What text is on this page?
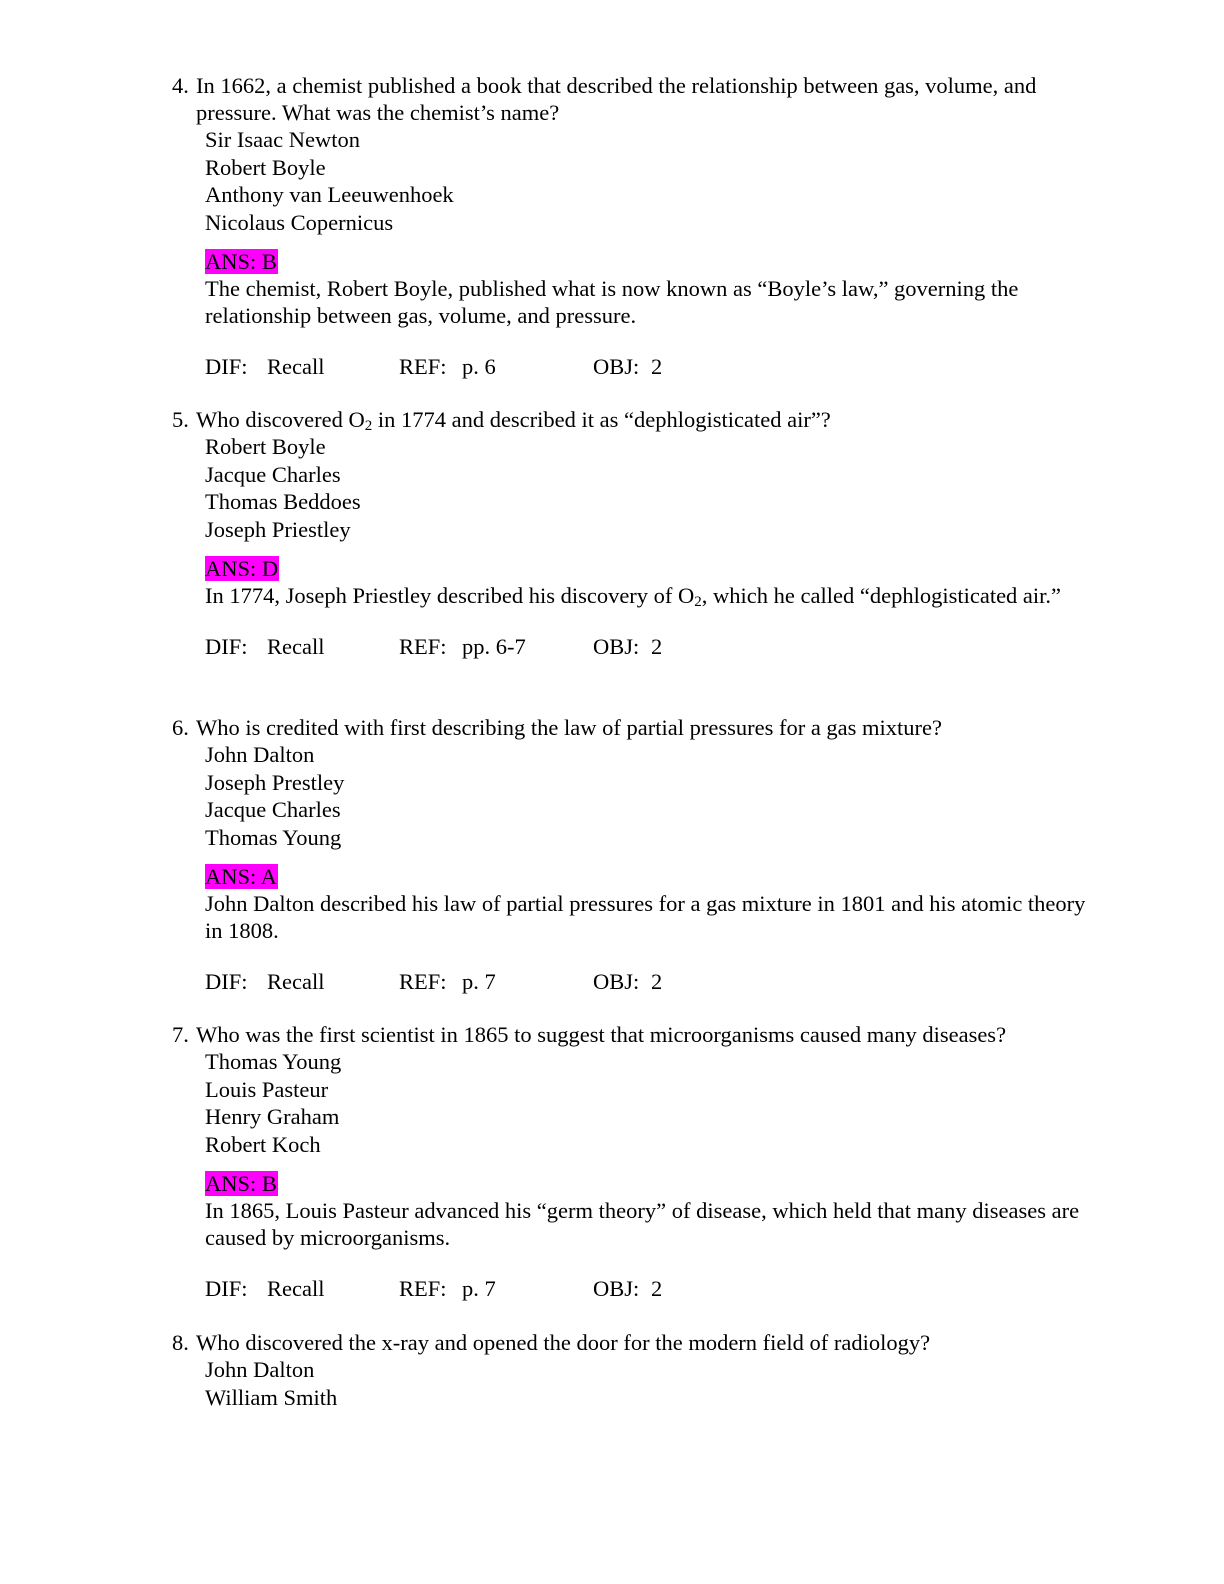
4. In 1662, a chemist published a book that described the relationship between gas, volume, and pressure. What was the chemist’s name?
Sir Isaac Newton
Robert Boyle
Anthony van Leeuwenhoek
Nicolaus Copernicus
ANS: B
The chemist, Robert Boyle, published what is now known as “Boyle’s law,” governing the relationship between gas, volume, and pressure.
DIF: Recall	REF: p. 6	OBJ: 2
5. Who discovered $O_2$ in 1774 and described it as “dephlogisticated air”?
Robert Boyle
Jacque Charles
Thomas Beddoes
Joseph Priestley
ANS: D
In 1774, Joseph Priestley described his discovery of $O_2$, which he called “dephlogisticated air.”
DIF: Recall	REF: pp. 6-7	OBJ: 2
6. Who is credited with first describing the law of partial pressures for a gas mixture?
John Dalton
Joseph Prestley
Jacque Charles
Thomas Young
ANS: A
John Dalton described his law of partial pressures for a gas mixture in 1801 and his atomic theory in 1808.
DIF: Recall	REF: p. 7	OBJ: 2
7. Who was the first scientist in 1865 to suggest that microorganisms caused many diseases?
Thomas Young
Louis Pasteur
Henry Graham
Robert Koch
ANS: B
In 1865, Louis Pasteur advanced his “germ theory” of disease, which held that many diseases are caused by microorganisms.
DIF: Recall	REF: p. 7	OBJ: 2
8. Who discovered the x-ray and opened the door for the modern field of radiology?
John Dalton
William Smith
